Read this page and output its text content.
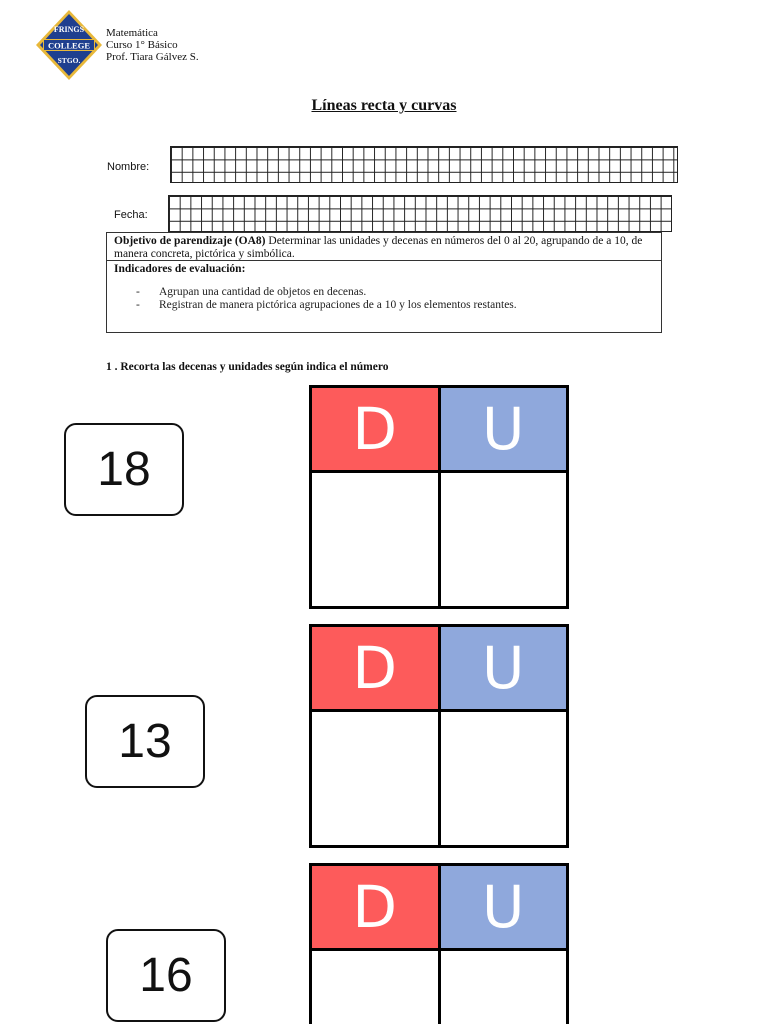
FRINGS
COLLEGE
STGO.
Matemática
Curso 1° Básico
Prof. Tiara Gálvez S.
Líneas recta y curvas
Nombre:
Fecha:
Objetivo de parendizaje (OA8) Determinar las unidades y decenas en números del 0 al 20, agrupando de a 10, de manera concreta, pictórica y simbólica.
Indicadores de evaluación:
- Agrupan una cantidad de objetos en decenas.
- Registran de manera pictórica agrupaciones de a 10 y los elementos restantes.
1 . Recorta las decenas y unidades según indica el número
18
D U
13
D U
16
D U
